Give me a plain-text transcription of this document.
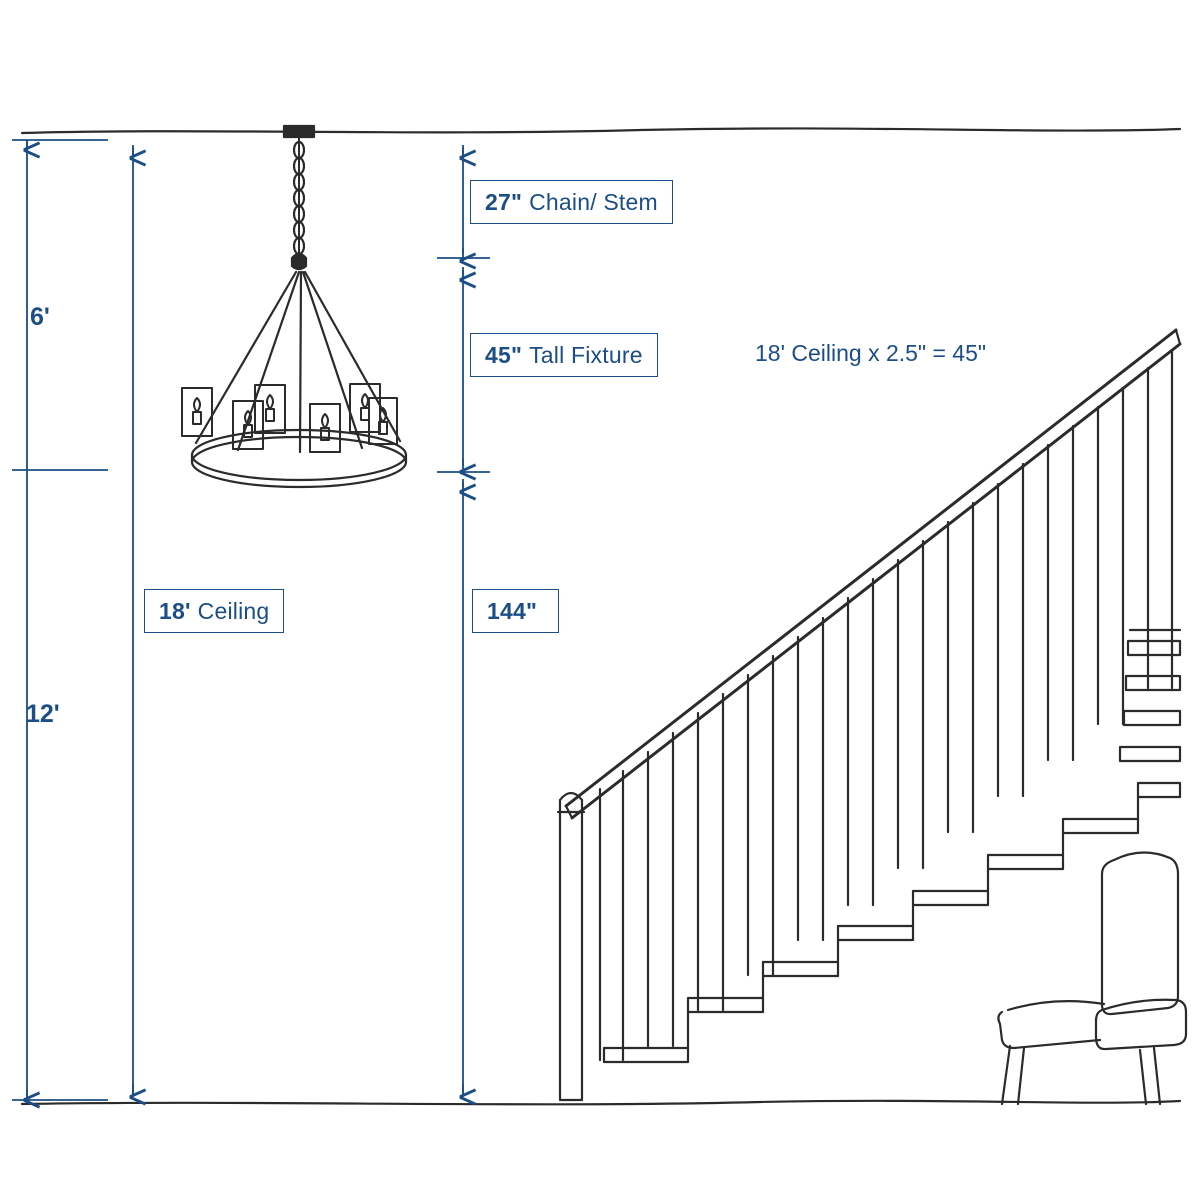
6'
12'
27" Chain/ Stem
45" Tall Fixture	18' Ceiling x 2.5" = 45"
18' Ceiling	144"
